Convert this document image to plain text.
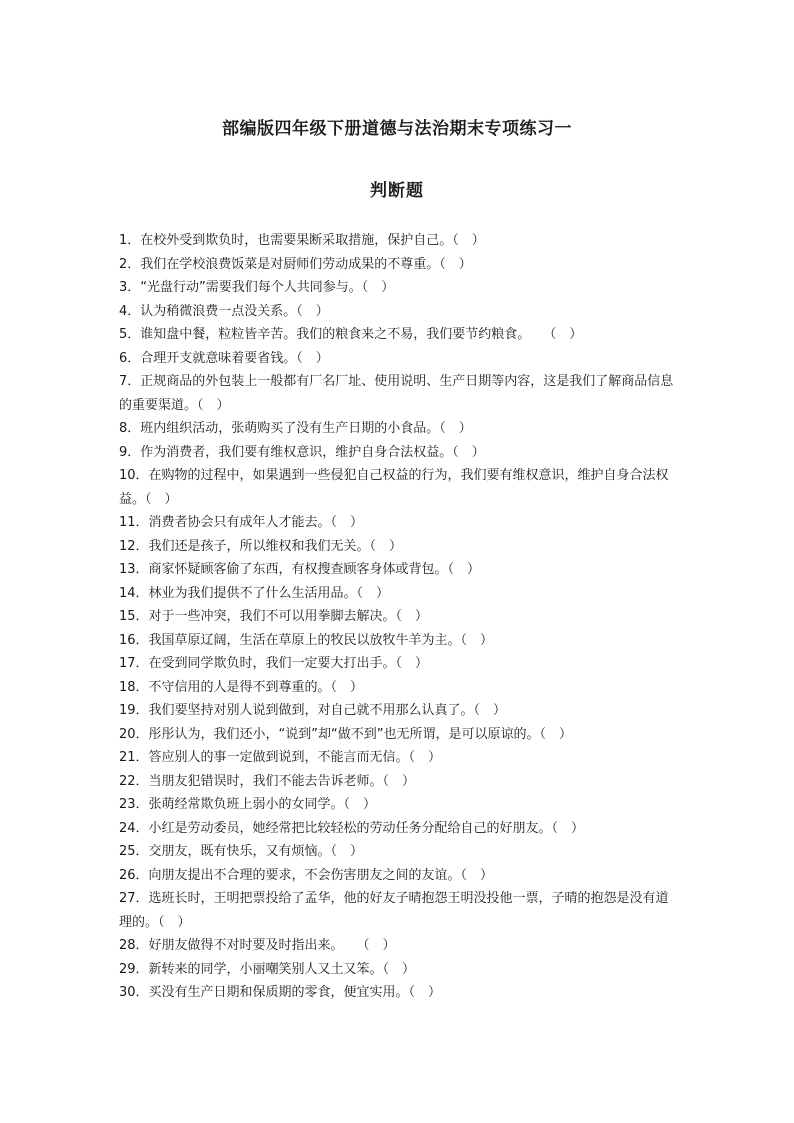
部编版四年级下册道德与法治期末专项练习一
判断题
1．在校外受到欺负时，也需要果断采取措施，保护自己。（　）
2．我们在学校浪费饭菜是对厨师们劳动成果的不尊重。（　）
3．“光盘行动”需要我们每个人共同参与。（　）
4．认为稍微浪费一点没关系。（　）
5．谁知盘中餐，粒粒皆辛苦。我们的粮食来之不易，我们要节约粮食。　　（　）
6．合理开支就意味着要省钱。（　）
7．正规商品的外包装上一般都有厂名厂址、使用说明、生产日期等内容，这是我们了解商品信息的重要渠道。（　）
8．班内组织活动，张萌购买了没有生产日期的小食品。（　）
9．作为消费者，我们要有维权意识，维护自身合法权益。（　）
10．在购物的过程中，如果遇到一些侵犯自己权益的行为，我们要有维权意识，维护自身合法权益。（　）
11．消费者协会只有成年人才能去。（　）
12．我们还是孩子，所以维权和我们无关。（　）
13．商家怀疑顾客偷了东西，有权搜查顾客身体或背包。（　）
14．林业为我们提供不了什么生活用品。（　）
15．对于一些冲突，我们不可以用拳脚去解决。（　）
16．我国草原辽阔，生活在草原上的牧民以放牧牛羊为主。（　）
17．在受到同学欺负时，我们一定要大打出手。（　）
18．不守信用的人是得不到尊重的。（　）
19．我们要坚持对别人说到做到，对自己就不用那么认真了。（　）
20．彤彤认为，我们还小，“说到”却“做不到”也无所谓，是可以原谅的。（　）
21．答应别人的事一定做到说到，不能言而无信。（　）
22．当朋友犯错误时，我们不能去告诉老师。（　）
23．张萌经常欺负班上弱小的女同学。（　）
24．小红是劳动委员，她经常把比较轻松的劳动任务分配给自己的好朋友。（　）
25．交朋友，既有快乐，又有烦恼。（　）
26．向朋友提出不合理的要求，不会伤害朋友之间的友谊。（　）
27．选班长时，王明把票投给了孟华，他的好友子晴抱怨王明没投他一票，子晴的抱怨是没有道理的。（　）
28．好朋友做得不对时要及时指出来。　　（　）
29．新转来的同学，小丽嘲笑别人又土又笨。（　）
30．买没有生产日期和保质期的零食，便宜实用。（　）
